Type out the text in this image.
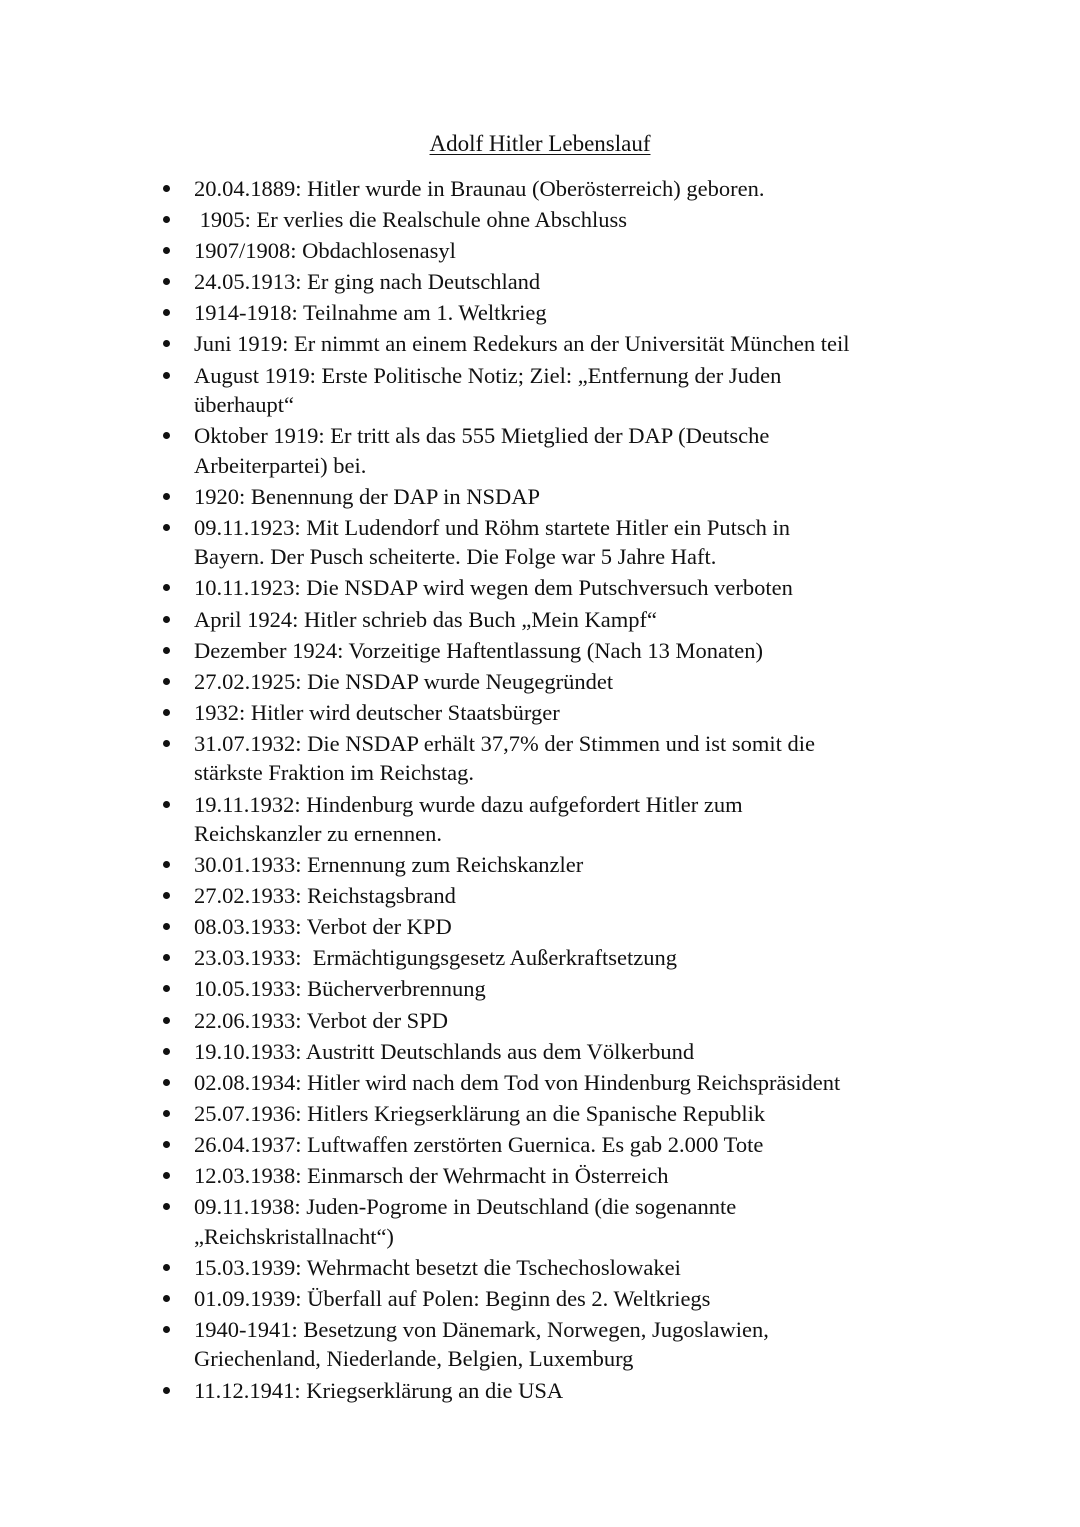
Adolf Hitler Lebenslauf
20.04.1889: Hitler wurde in Braunau (Oberösterreich) geboren.
1905: Er verlies die Realschule ohne Abschluss
1907/1908: Obdachlosenasyl
24.05.1913: Er ging nach Deutschland
1914-1918: Teilnahme am 1. Weltkrieg
Juni 1919: Er nimmt an einem Redekurs an der Universität München teil
August 1919: Erste Politische Notiz; Ziel: „Entfernung der Juden
überhaupt“
Oktober 1919: Er tritt als das 555 Mietglied der DAP (Deutsche
Arbeiterpartei) bei.
1920: Benennung der DAP in NSDAP
09.11.1923: Mit Ludendorf und Röhm startete Hitler ein Putsch in
Bayern. Der Pusch scheiterte. Die Folge war 5 Jahre Haft.
10.11.1923: Die NSDAP wird wegen dem Putschversuch verboten
April 1924: Hitler schrieb das Buch „Mein Kampf“
Dezember 1924: Vorzeitige Haftentlassung (Nach 13 Monaten)
27.02.1925: Die NSDAP wurde Neugegründet
1932: Hitler wird deutscher Staatsbürger
31.07.1932: Die NSDAP erhält 37,7% der Stimmen und ist somit die
stärkste Fraktion im Reichstag.
19.11.1932: Hindenburg wurde dazu aufgefordert Hitler zum
Reichskanzler zu ernennen.
30.01.1933: Ernennung zum Reichskanzler
27.02.1933: Reichstagsbrand
08.03.1933: Verbot der KPD
23.03.1933:  Ermächtigungsgesetz Außerkraftsetzung
10.05.1933: Bücherverbrennung
22.06.1933: Verbot der SPD
19.10.1933: Austritt Deutschlands aus dem Völkerbund
02.08.1934: Hitler wird nach dem Tod von Hindenburg Reichspräsident
25.07.1936: Hitlers Kriegserklärung an die Spanische Republik
26.04.1937: Luftwaffen zerstörten Guernica. Es gab 2.000 Tote
12.03.1938: Einmarsch der Wehrmacht in Österreich
09.11.1938: Juden-Pogrome in Deutschland (die sogenannte
„Reichskristallnacht“)
15.03.1939: Wehrmacht besetzt die Tschechoslowakei
01.09.1939: Überfall auf Polen: Beginn des 2. Weltkriegs
1940-1941: Besetzung von Dänemark, Norwegen, Jugoslawien,
Griechenland, Niederlande, Belgien, Luxemburg
11.12.1941: Kriegserklärung an die USA
